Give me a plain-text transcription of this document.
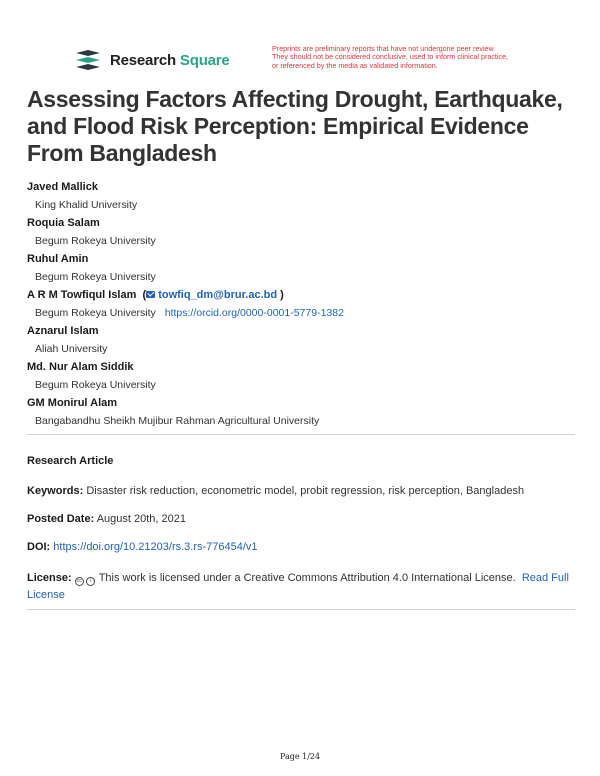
Research Square
Preprints are preliminary reports that have not undergone peer review.
They should not be considered conclusive, used to inform clinical practice,
or referenced by the media as validated information.
Assessing Factors Affecting Drought, Earthquake, and Flood Risk Perception: Empirical Evidence From Bangladesh
Javed Mallick
King Khalid University
Roquia Salam
Begum Rokeya University
Ruhul Amin
Begum Rokeya University
A R M Towfiqul Islam  ( towfiq_dm@brur.ac.bd )
Begum Rokeya University https://orcid.org/0000-0001-5779-1382
Aznarul Islam
Aliah University
Md. Nur Alam Siddik
Begum Rokeya University
GM Monirul Alam
Bangabandhu Sheikh Mujibur Rahman Agricultural University
Research Article
Keywords: Disaster risk reduction, econometric model, probit regression, risk perception, Bangladesh
Posted Date: August 20th, 2021
DOI: https://doi.org/10.21203/rs.3.rs-776454/v1
License:	cc	i This work is licensed under a Creative Commons Attribution 4.0 International License. Read Full License
Page 1/24
